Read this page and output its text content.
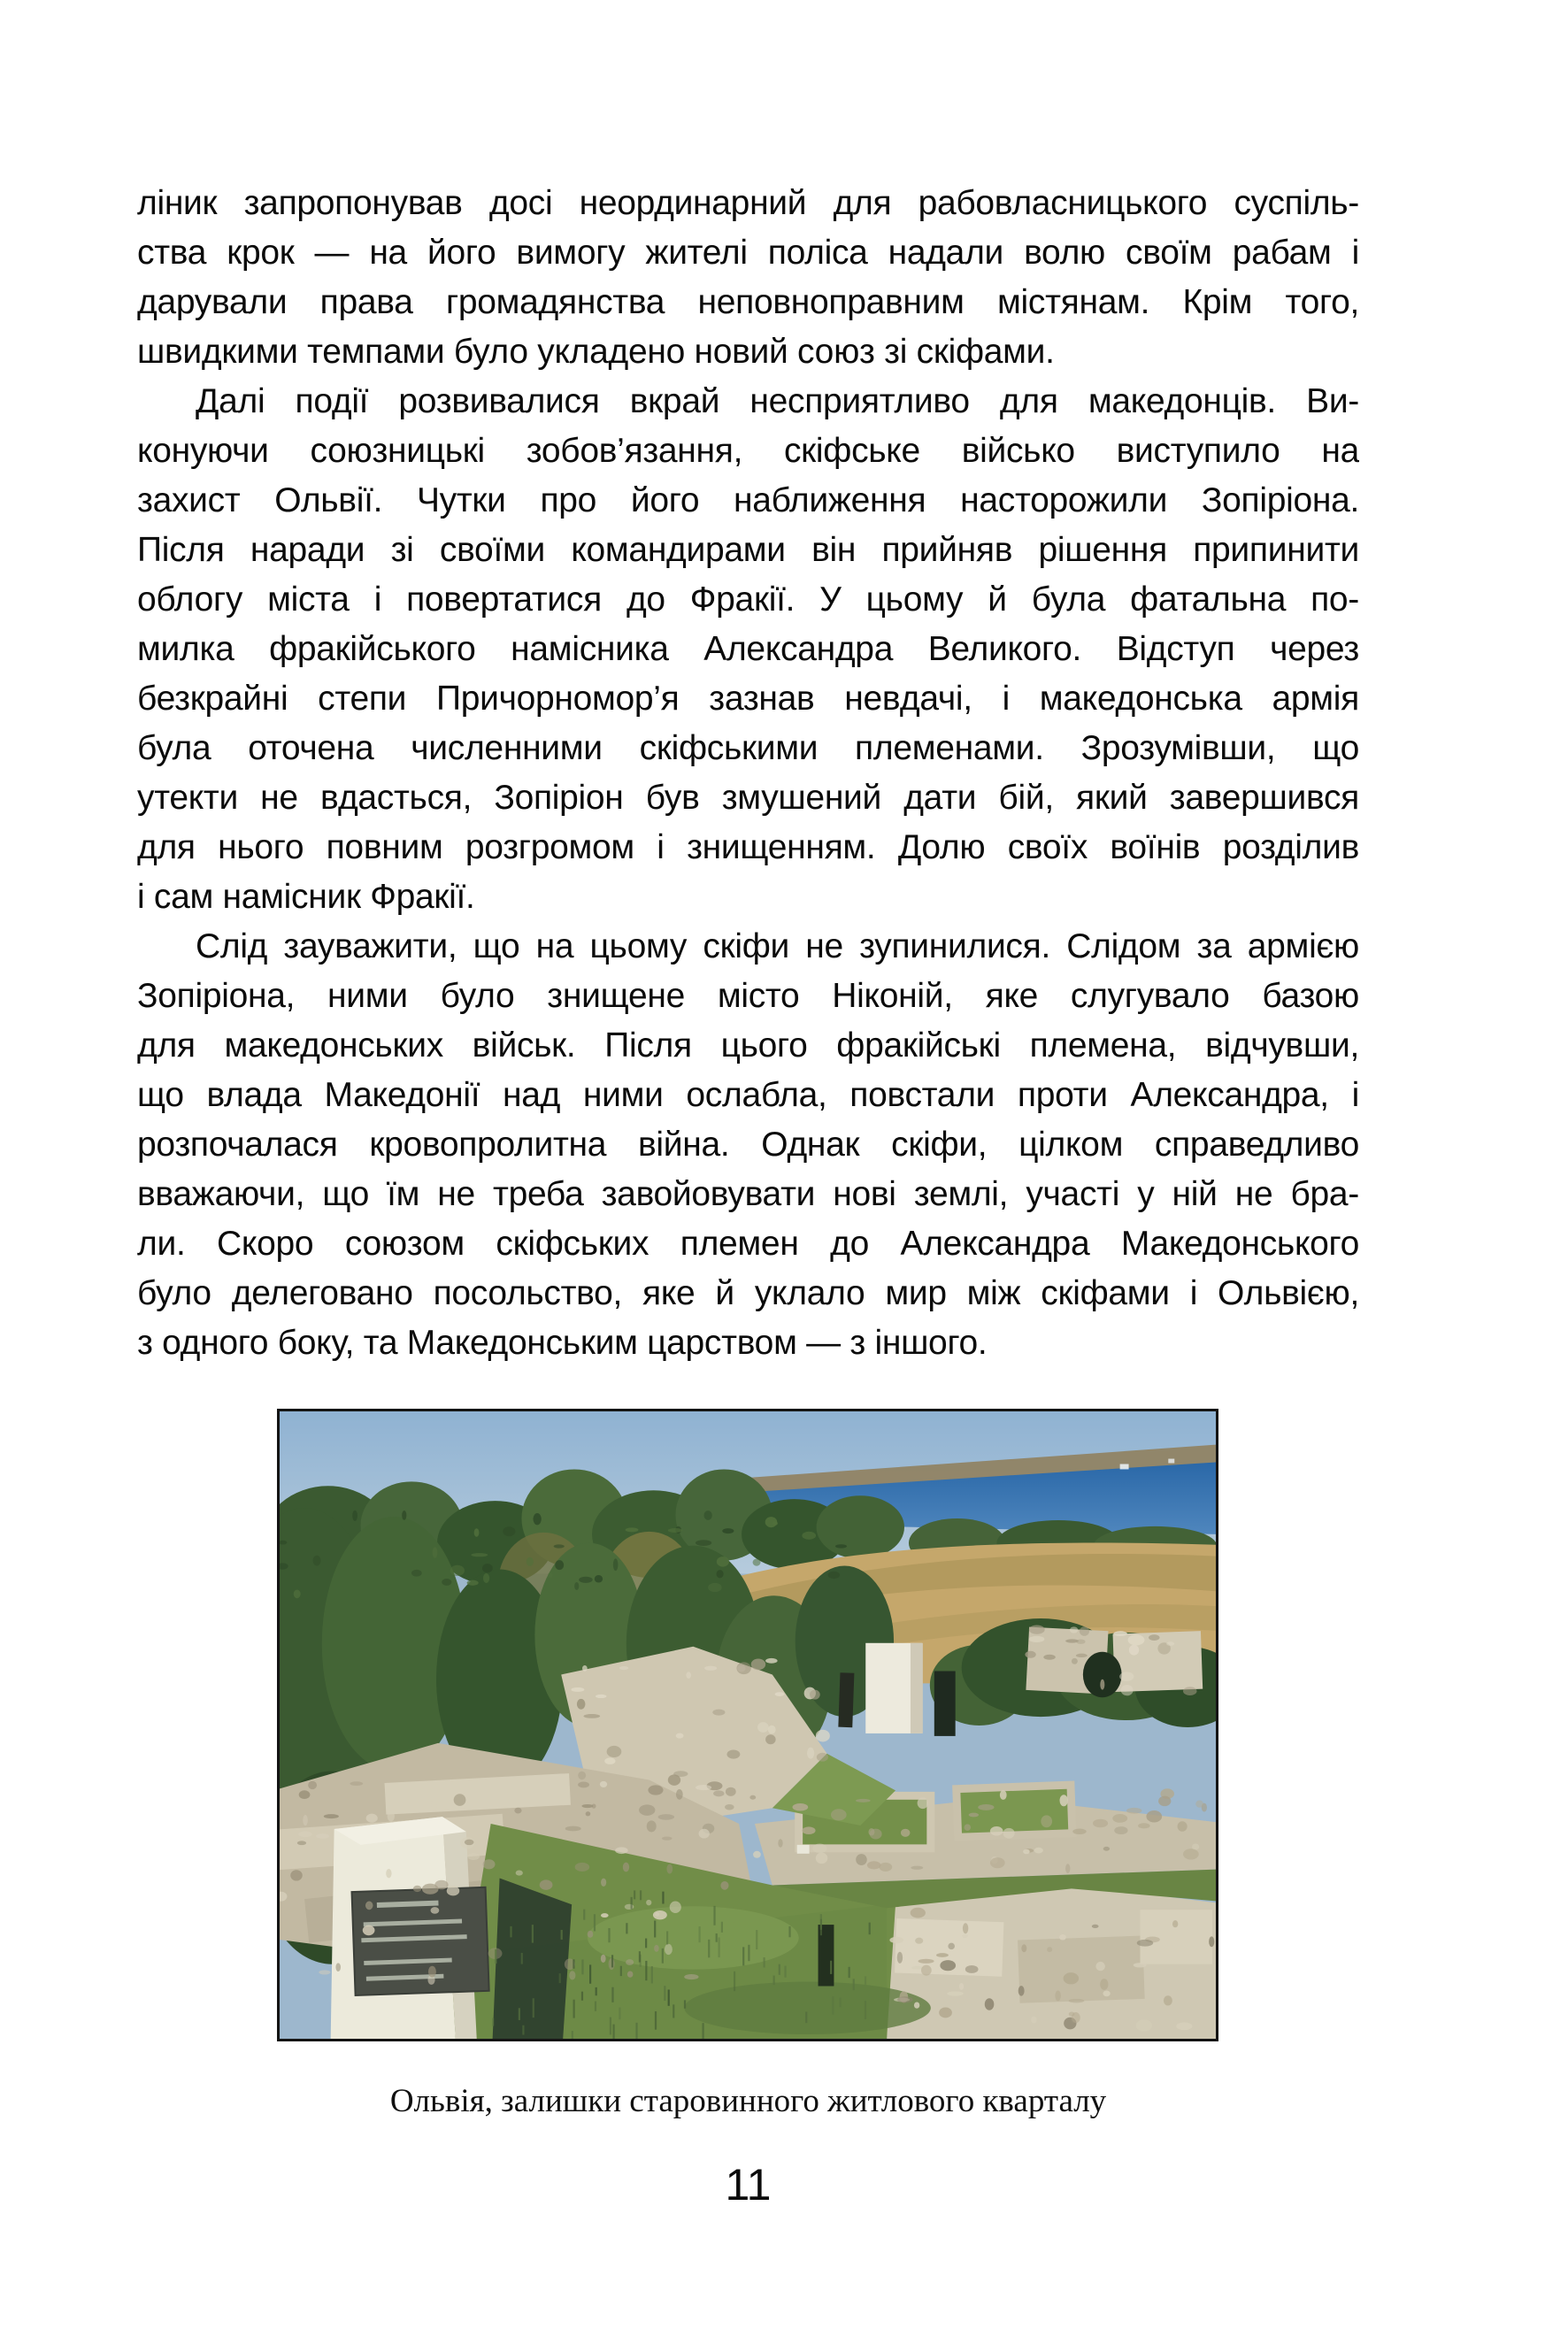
ліник запропонував досі неординарний для рабовласницького суспіль-
ства крок — на його вимогу жителі поліса надали волю своїм рабам і
дарували права громадянства неповноправним містянам. Крім того,
швидкими темпами було укладено новий союз зі скіфами.
Далі події розвивалися вкрай несприятливо для македонців. Ви-
конуючи союзницькі зобов’язання, скіфське військо виступило на
захист Ольвії. Чутки про його наближення насторожили Зопіріона.
Після наради зі своїми командирами він прийняв рішення припинити
облогу міста і повертатися до Фракії. У цьому й була фатальна по-
милка фракійського намісника Александра Великого. Відступ через
безкрайні степи Причорномор’я зазнав невдачі, і македонська армія
була оточена численними скіфськими племенами. Зрозумівши, що
утекти не вдасться, Зопіріон був змушений дати бій, який завершився
для нього повним розгромом і знищенням. Долю своїх воїнів розділив
і сам намісник Фракії.
Слід зауважити, що на цьому скіфи не зупинилися. Слідом за армією
Зопіріона, ними було знищене місто Ніконій, яке слугувало базою
для македонських військ. Після цього фракійські племена, відчувши,
що влада Македонії над ними ослабла, повстали проти Александра, і
розпочалася кровопролитна війна. Однак скіфи, цілком справедливо
вважаючи, що їм не треба завойовувати нові землі, участі у ній не бра-
ли. Скоро союзом скіфських племен до Александра Македонського
було делеговано посольство, яке й уклало мир між скіфами і Ольвією,
з одного боку, та Македонським царством — з іншого.
Ольвія, залишки старовинного житлового кварталу
11
